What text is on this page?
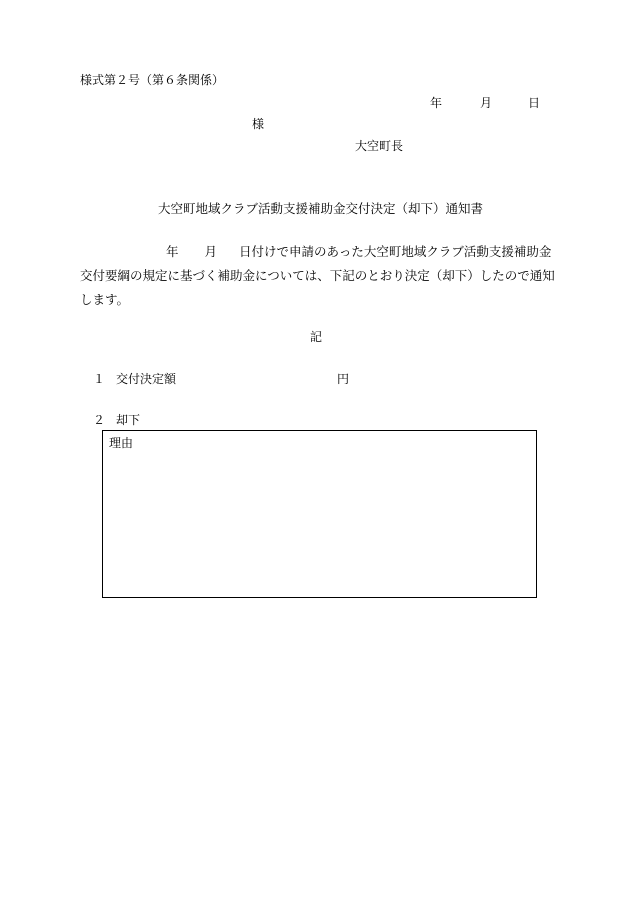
様式第２号（第６条関係）
年	月	日
様
大空町長
大空町地域クラブ活動支援補助金交付決定（却下）通知書
年 月 日付けで申請のあった大空町地域クラブ活動支援補助金
交付要綱の規定に基づく補助金については、下記のとおり決定（却下）したので通知
します。
記
１ 交付決定額	円
２ 却下
理由
